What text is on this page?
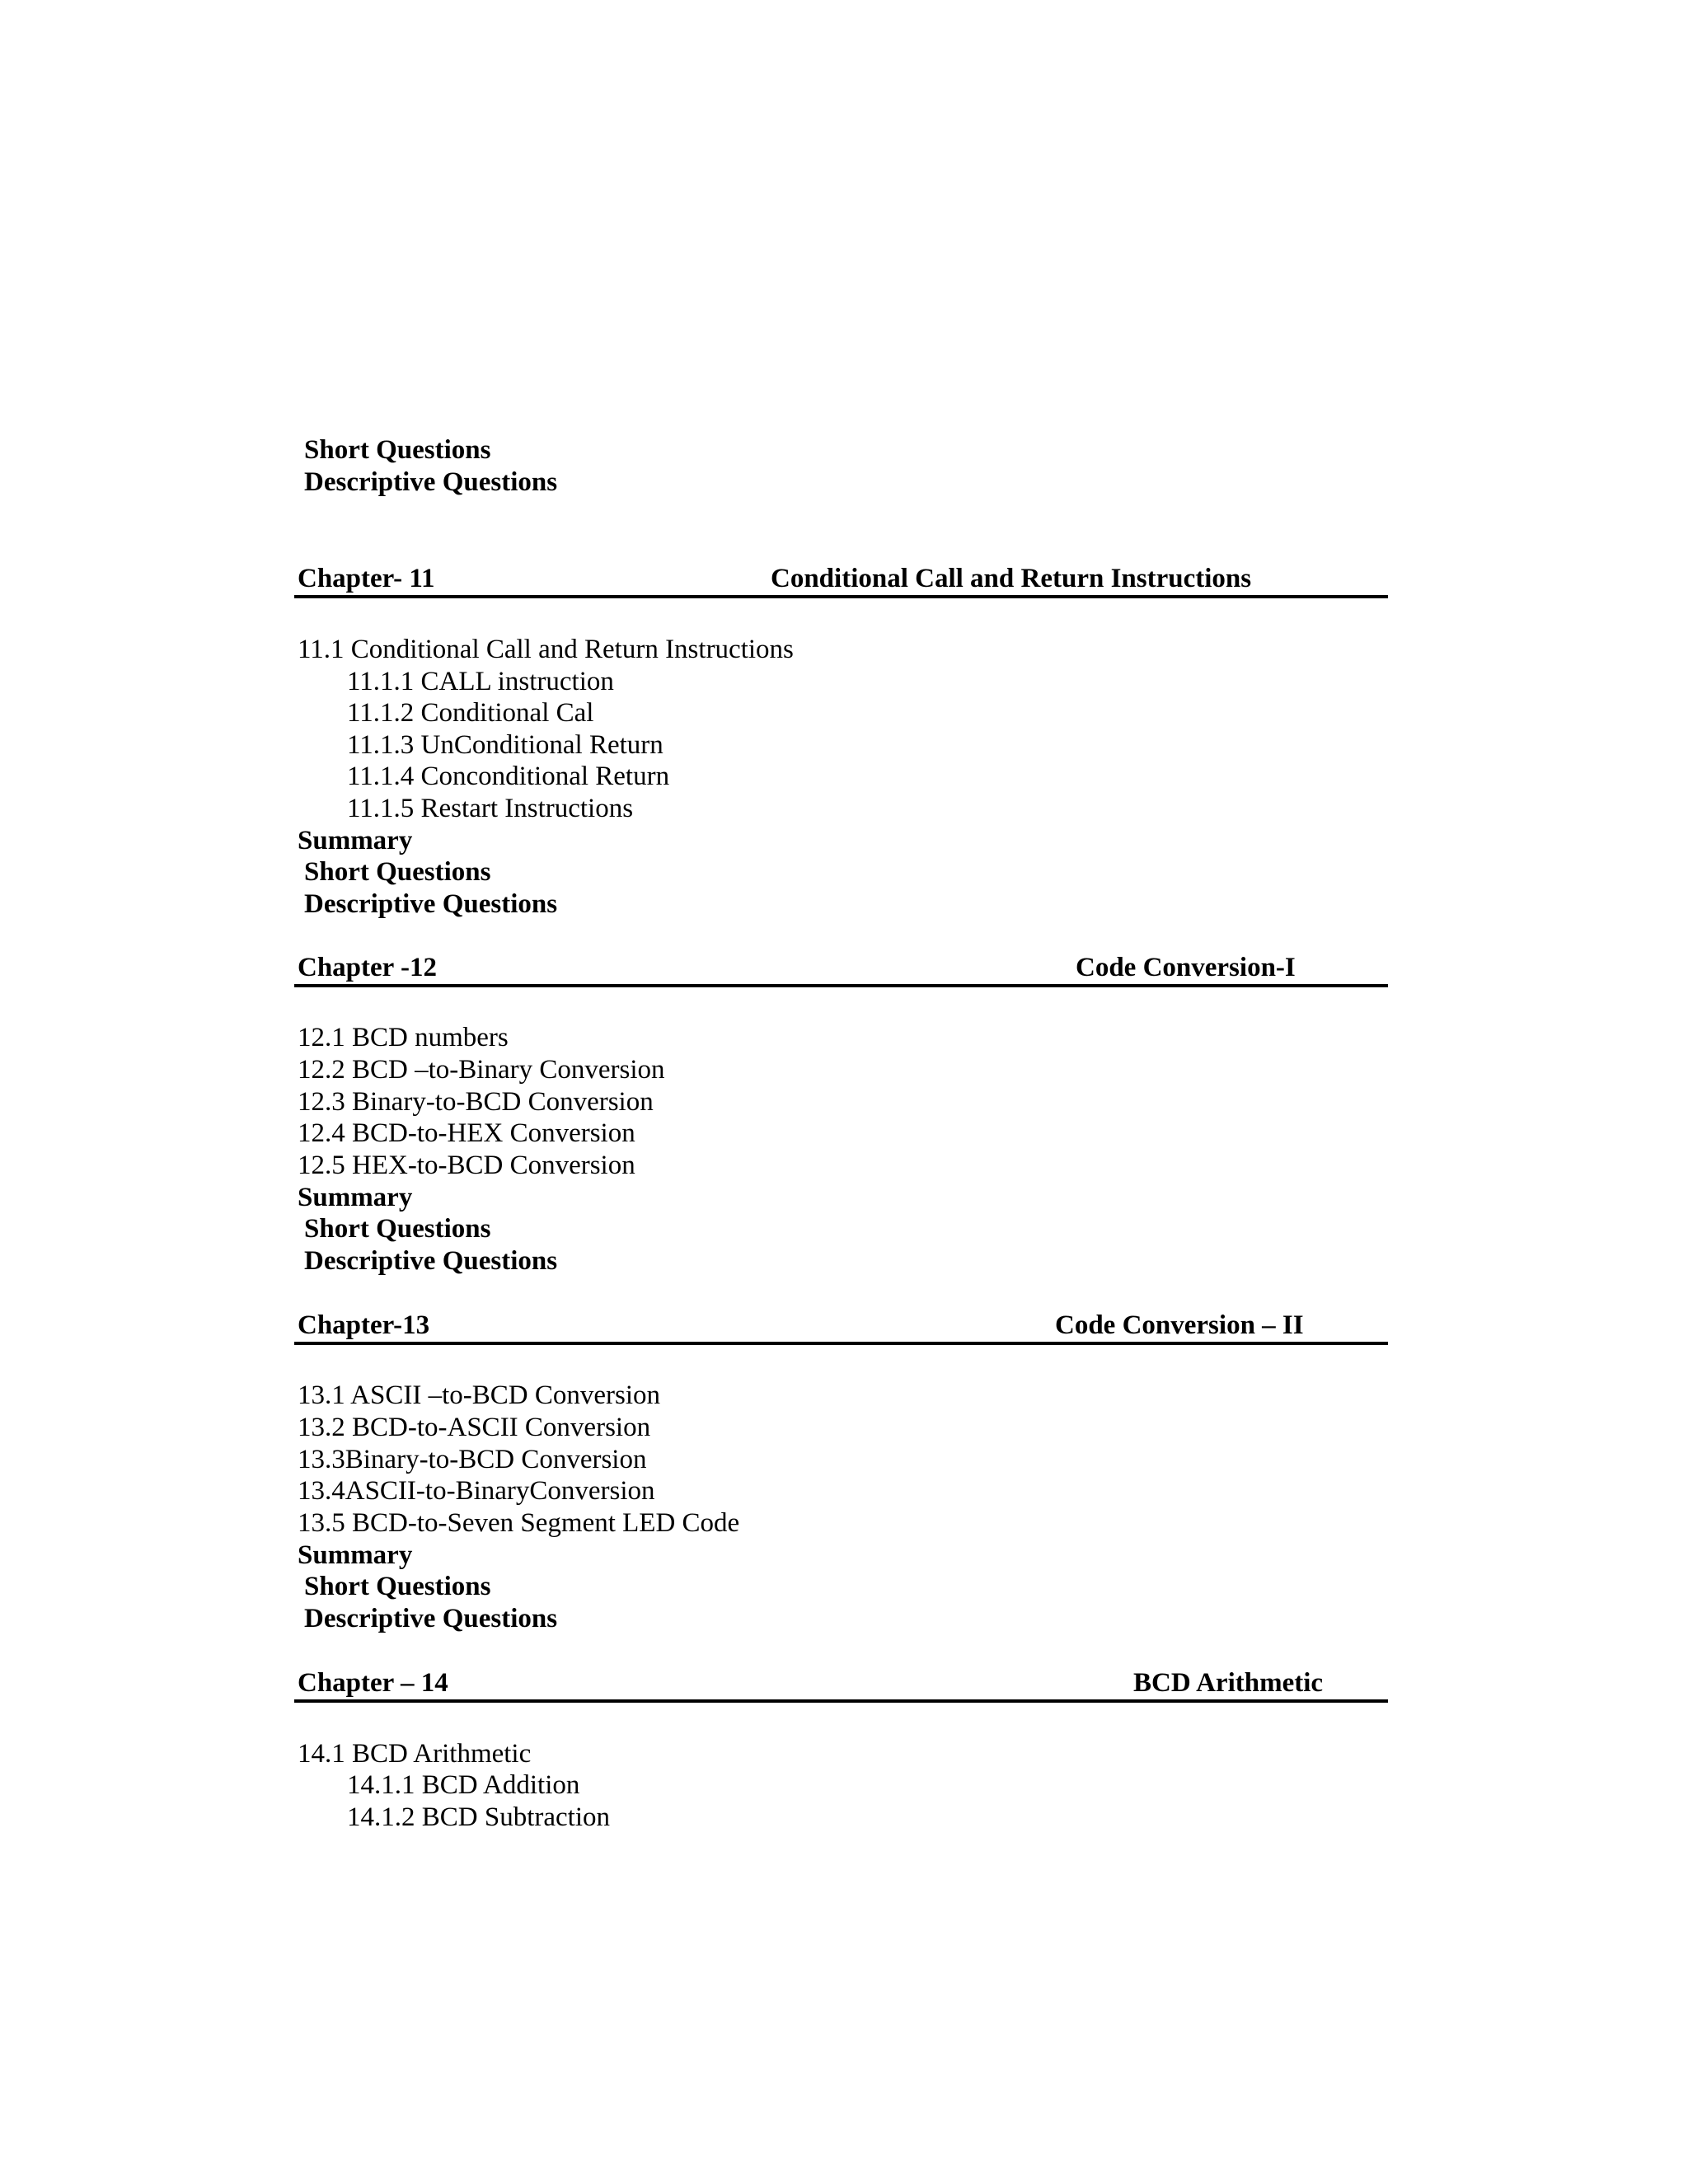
Short Questions
Descriptive Questions
Chapter- 11	Conditional Call and Return Instructions
11.1 Conditional Call and Return Instructions
11.1.1 CALL instruction
11.1.2 Conditional Cal
11.1.3 UnConditional Return
11.1.4 Conconditional Return
11.1.5 Restart Instructions
Summary
Short Questions
Descriptive Questions
Chapter -12	Code Conversion-I
12.1 BCD numbers
12.2 BCD –to-Binary Conversion
12.3 Binary-to-BCD Conversion
12.4 BCD-to-HEX Conversion
12.5 HEX-to-BCD Conversion
Summary
Short Questions
Descriptive Questions
Chapter-13	Code Conversion – II
13.1 ASCII –to-BCD Conversion
13.2 BCD-to-ASCII Conversion
13.3Binary-to-BCD Conversion
13.4ASCII-to-BinaryConversion
13.5 BCD-to-Seven Segment LED Code
Summary
Short Questions
Descriptive Questions
Chapter – 14	BCD Arithmetic
14.1 BCD Arithmetic
14.1.1 BCD Addition
14.1.2 BCD Subtraction
